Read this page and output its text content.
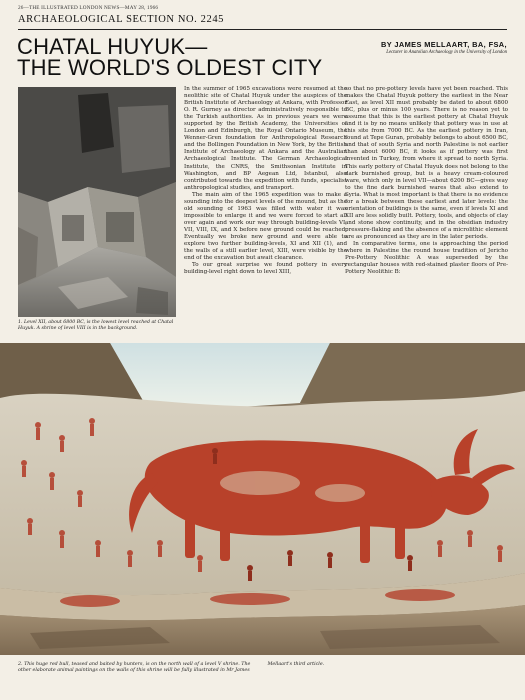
26—THE ILLUSTRATED LONDON NEWS—MAY 28, 1966
ARCHAEOLOGICAL SECTION NO. 2245
CHATAL HUYUK—
THE WORLD'S OLDEST CITY
BY JAMES MELLAART, BA, FSA,
Lecturer in Anatolian Archaeology in the University of London
1. Level XII, about 6800 BC, is the lowest level reached at Chatal Huyuk. A shrine of level VIII is in the background.

In the summer of 1965 excavations were resumed at the neolithic site of Chatal Huyuk under the auspices of the British Institute of Archaeology at Ankara, with Professor O. R. Gurney as director administratively responsible to the Turkish authorities. As in previous years we were supported by the British Academy, the Universities of London and Edinburgh, the Royal Ontario Museum, the Wenner-Gren foundation for Anthropological Research and the Bollingen Foundation in New York, by the British Institute of Archaeology at Ankara and the Australian Archaeological Institute. The German Archaeological Institute, the CNRS, the Smithsonian Institute in Washington, and BP Aegean Ltd, Istanbul, also contributed towards the expedition with funds, specialist anthropological studies, and transport.

The main aim of the 1965 expedition was to make a sounding into the deepest levels of the mound, but as the old sounding of 1963 was filled with water it was impossible to enlarge it and we were forced to start all over again and work our way through building-levels VI, VII, VIII, IX, and X before new ground could be reached. Eventually we broke new ground and were able to explore two further building-levels, XI and XII (1), and the walls of a still earlier level, XIII, were visible by the end of the excavation but await clearance.

To our great surprise we found pottery in every building-level right down to level XIII,

so that no pre-pottery levels have yet been reached. This makes the Chatal Huyuk pottery the earliest in the Near East, as level XII must probably be dated to about 6800 BC, plus or minus 100 years. There is no reason yet to assume that this is the earliest pottery at Chatal Huyuk and it is by no means unlikely that pottery was in use at this site from 7000 BC. As the earliest pottery in Iran, found at Tepe Guran, probably belongs to about 6500 BC, and that of south Syria and north Palestine is not earlier than about 6000 BC, it looks as if pottery was first invented in Turkey, from where it spread to north Syria. This early pottery of Chatal Huyuk does not belong to the dark burnished group, but is a heavy cream-coloured ware, which only in level VII—about 6200 BC—gives way to the fine dark burnished wares that also extend to Syria. What is most important is that there is no evidence for a break between these earliest and later levels: the orientation of buildings is the same, even if levels XI and XII are less solidly built. Pottery, tools, and objects of clay and stone show continuity, and in the obsidian industry pressure-flaking and the absence of a microlithic element are as pronounced as they are in the later periods.

In comparative terms, one is approaching the period where in Palestine the round house tradition of Jericho Pre-Pottery Neolithic A was superseded by the rectangular houses with red-stained plaster floors of Pre-Pottery Neolithic B:

2. This huge red bull, teased and baited by hunters, is on the north wall of a level V shrine. The other elaborate animal paintings on the walls of this shrine will be fully illustrated in Mr James Mellaart's third article.
